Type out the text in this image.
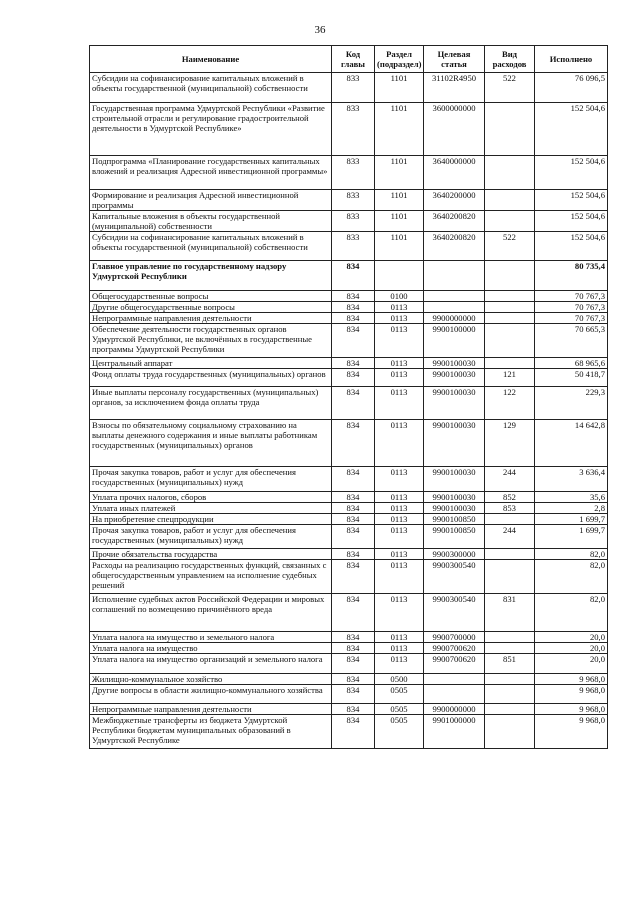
36
Наименование	Код главы	Раздел (подраздел)	Целевая статья	Вид расходов	Исполнено
Субсидии на софинансирование капитальных вложений в объекты государственной (муниципальной) собственности	833	1101	31102R4950	522	76 096,5
Государственная программа Удмуртской Республики «Развитие строительной отрасли и регулирование градостроительной деятельности в Удмуртской Республике»	833	1101	3600000000		152 504,6
Подпрограмма «Планирование государственных капитальных вложений и реализация Адресной инвестиционной программы»	833	1101	3640000000		152 504,6
Формирование и реализация Адресной инвестиционной программы	833	1101	3640200000		152 504,6
Капитальные вложения в объекты государственной (муниципальной) собственности	833	1101	3640200820		152 504,6
Субсидии на софинансирование капитальных вложений в объекты государственной (муниципальной) собственности	833	1101	3640200820	522	152 504,6
Главное управление по государственному надзору Удмуртской Республики	834				80 735,4
Общегосударственные вопросы	834	0100			70 767,3
Другие общегосударственные вопросы	834	0113			70 767,3
Непрограммные направления деятельности	834	0113	9900000000		70 767,3
Обеспечение деятельности государственных органов Удмуртской Республики, не включённых в государственные программы Удмуртской Республики	834	0113	9900100000		70 665,3
Центральный аппарат	834	0113	9900100030		68 965,6
Фонд оплаты труда государственных (муниципальных) органов	834	0113	9900100030	121	50 418,7
Иные выплаты персоналу государственных (муниципальных) органов, за исключением фонда оплаты труда	834	0113	9900100030	122	229,3
Взносы по обязательному социальному страхованию на выплаты денежного содержания и иные выплаты работникам государственных (муниципальных) органов	834	0113	9900100030	129	14 642,8
Прочая закупка товаров, работ и услуг для обеспечения государственных (муниципальных) нужд	834	0113	9900100030	244	3 636,4
Уплата прочих налогов, сборов	834	0113	9900100030	852	35,6
Уплата иных платежей	834	0113	9900100030	853	2,8
На приобретение спецпродукции	834	0113	9900100850		1 699,7
Прочая закупка товаров, работ и услуг для обеспечения государственных (муниципальных) нужд	834	0113	9900100850	244	1 699,7
Прочие обязательства государства	834	0113	9900300000		82,0
Расходы на реализацию государственных функций, связанных с общегосударственным управлением на исполнение судебных решений	834	0113	9900300540		82,0
Исполнение судебных актов Российской Федерации и мировых соглашений по возмещению причинённого вреда	834	0113	9900300540	831	82,0
Уплата налога на имущество и земельного налога	834	0113	9900700000		20,0
Уплата налога на имущество	834	0113	9900700620		20,0
Уплата налога на имущество организаций и земельного налога	834	0113	9900700620	851	20,0
Жилищно-коммунальное хозяйство	834	0500			9 968,0
Другие вопросы в области жилищно-коммунального хозяйства	834	0505			9 968,0
Непрограммные направления деятельности	834	0505	9900000000		9 968,0
Межбюджетные трансферты из бюджета Удмуртской Республики бюджетам муниципальных образований в Удмуртской Республике	834	0505	9901000000		9 968,0
